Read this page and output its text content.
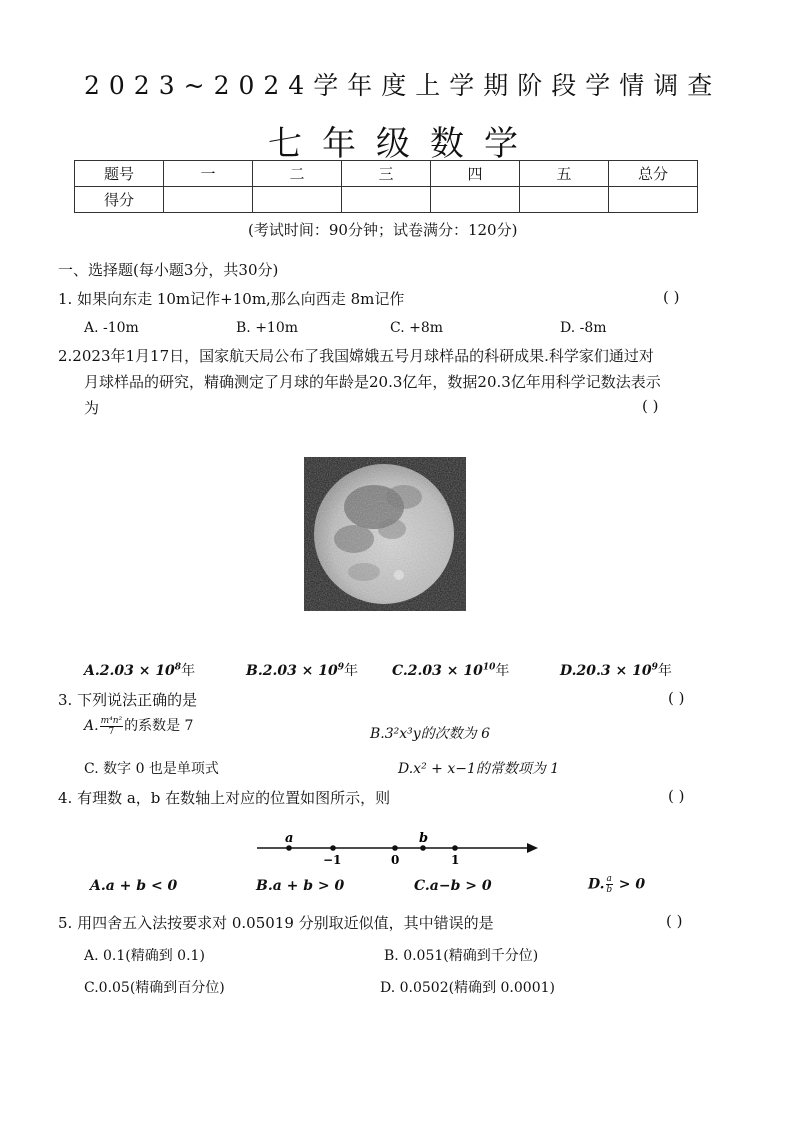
2023~2024学年度上学期阶段学情调查
七年级数学
题号	一	二	三	四	五	总分
得分						
(考试时间：90分钟；试卷满分：120分)
一、选择题(每小题3分，共30分)
1. 如果向东走 10m记作+10m,那么向西走 8m记作	( )
A. -10m	B. +10m	C. +8m	D. -8m
2.2023年1月17日，国家航天局公布了我国嫦娥五号月球样品的科研成果.科学家们通过对
月球样品的研究，精确测定了月球的年龄是20.3亿年，数据20.3亿年用科学记数法表示
为	( )
$A.2.03 \times 10^8$年	$B.2.03 \times 10^9$年 $C.2.03 \times 10^{10}$年	$D.20.3 \times 10^9$年
3. 下列说法正确的是	( )
A. $\frac{\text{m⁴n²}}{7}$ 的系数是 7	B.3²x³y的次数为 6
C. 数字 0 也是单项式	D.x² + x−1的常数项为 1
4. 有理数 a，b 在数轴上对应的位置如图所示，则	( )
a	b
−1	0	1
A.a + b < 0	B.a + b > 0	C.a−b > 0	D. $\frac{a}{b} > 0$
5. 用四舍五入法按要求对 0.05019 分别取近似值，其中错误的是	( )
A. 0.1(精确到 0.1)	B. 0.051(精确到千分位)
C.0.05(精确到百分位)	D. 0.0502(精确到 0.0001)
